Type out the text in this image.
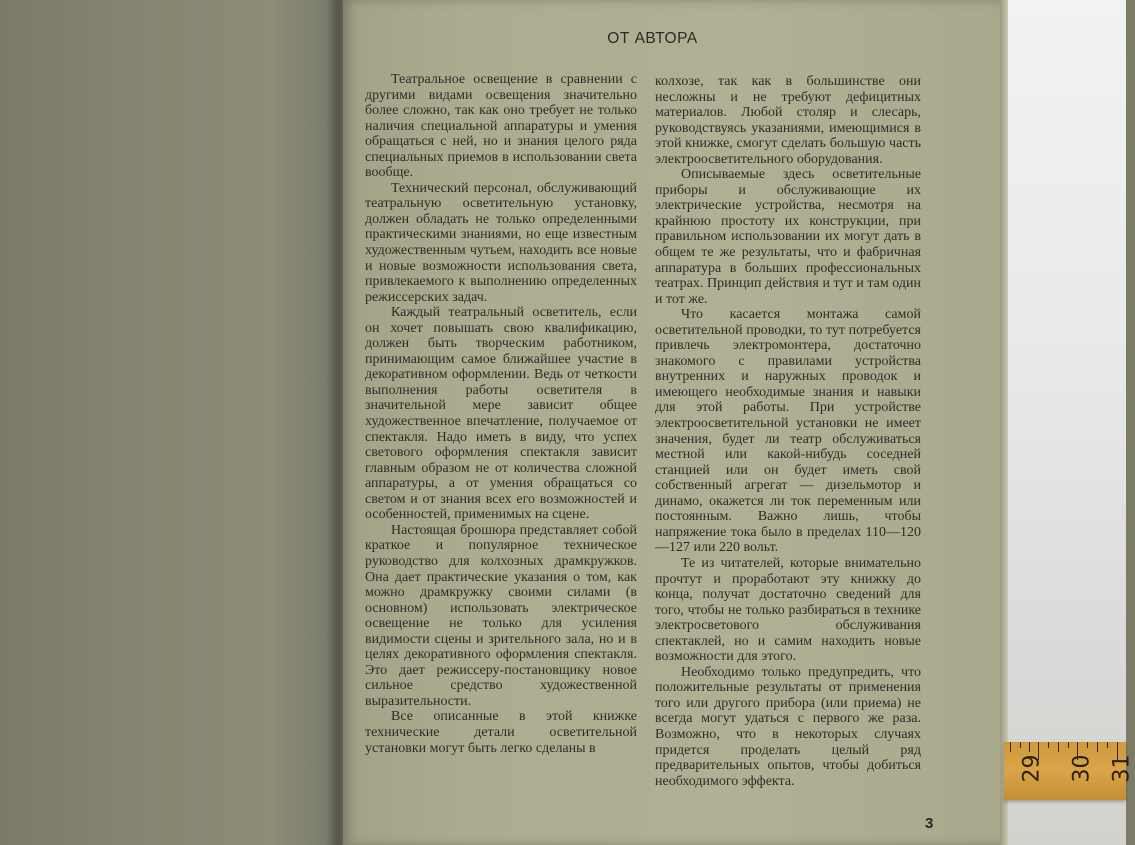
29 30 31
ОТ АВТОРА

Театральное освещение в сравнении с другими видами освещения значительно более сложно, так как оно требует не только наличия специальной аппаратуры и умения обращаться с ней, но и знания целого ряда специальных приемов в использовании света вообще.

Технический персонал, обслуживающий театральную осветительную установку, должен обладать не только определенными практическими знаниями, но еще известным художественным чутьем, находить все новые и новые возможности использования света, привлекаемого к выполнению определенных режиссерских задач.

Каждый театральный осветитель, если он хочет повышать свою квалификацию, должен быть творческим работником, принимающим самое ближайшее участие в декоративном оформлении. Ведь от четкости выполнения работы осветителя в значительной мере зависит общее художественное впечатление, получаемое от спектакля. Надо иметь в виду, что успех светового оформления спектакля зависит главным образом не от количества сложной аппаратуры, а от умения обращаться со светом и от знания всех его возможностей и особенностей, применимых на сцене.

Настоящая брошюра представляет собой краткое и популярное техническое руководство для колхозных драмкружков. Она дает практические указания о том, как можно драмкружку своими силами (в основном) использовать электрическое освещение не только для усиления видимости сцены и зрительного зала, но и в целях декоративного оформления спектакля. Это дает режиссеру-постановщику новое сильное средство художественной выразительности.

Все описанные в этой книжке технические детали осветительной установки могут быть легко сделаны в

колхозе, так как в большинстве они несложны и не требуют дефицитных материалов. Любой столяр и слесарь, руководствуясь указаниями, имеющимися в этой книжке, смогут сделать большую часть электроосветительного оборудования.

Описываемые здесь осветительные приборы и обслуживающие их электрические устройства, несмотря на крайнюю простоту их конструкции, при правильном использовании их могут дать в общем те же результаты, что и фабричная аппаратура в больших профессиональных театрах. Принцип действия и тут и там один и тот же.

Что касается монтажа самой осветительной проводки, то тут потребуется привлечь электромонтера, достаточно знакомого с правилами устройства внутренних и наружных проводок и имеющего необходимые знания и навыки для этой работы. При устройстве электроосветительной установки не имеет значения, будет ли театр обслуживаться местной или какой-нибудь соседней станцией или он будет иметь свой собственный агрегат — дизельмотор и динамо, окажется ли ток переменным или постоянным. Важно лишь, чтобы напряжение тока было в пределах 110—120—127 или 220 вольт.

Те из читателей, которые внимательно прочтут и проработают эту книжку до конца, получат достаточно сведений для того, чтобы не только разбираться в технике электросветового обслуживания спектаклей, но и самим находить новые возможности для этого.

Необходимо только предупредить, что положительные результаты от применения того или другого прибора (или приема) не всегда могут удаться с первого же раза. Возможно, что в некоторых случаях придется проделать целый ряд предварительных опытов, чтобы добиться необходимого эффекта.

3
